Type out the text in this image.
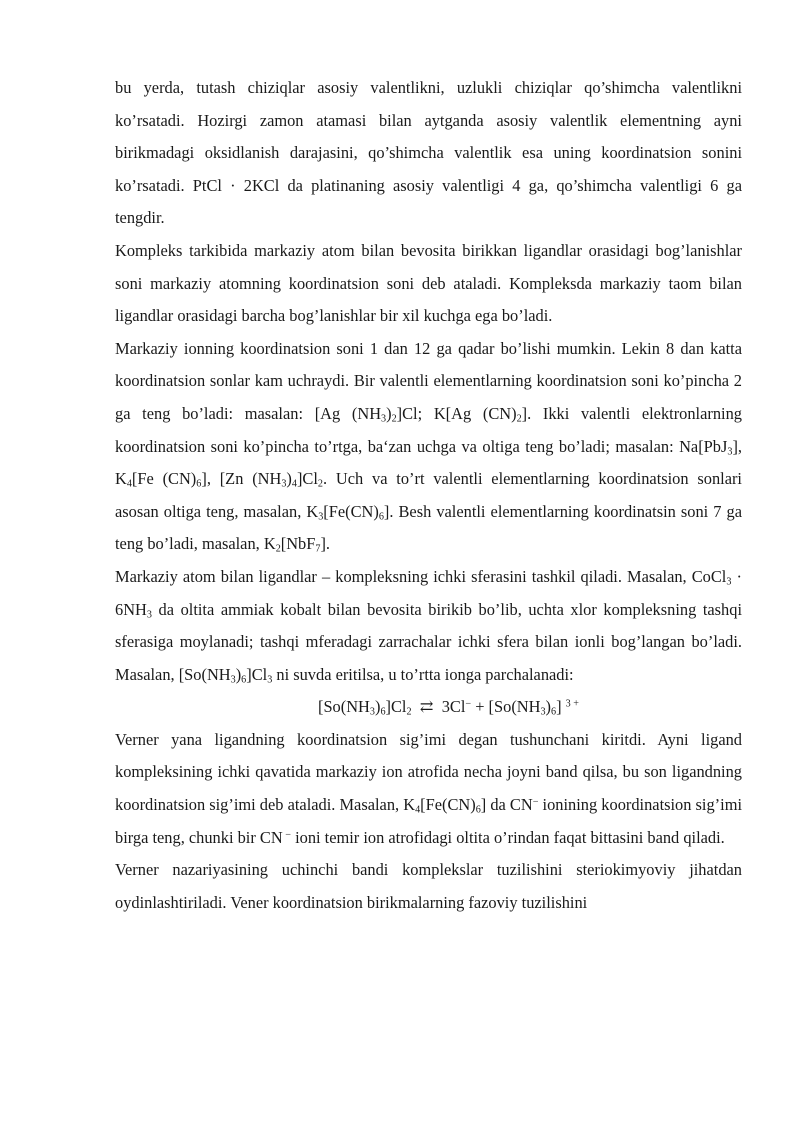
bu yerda, tutash chiziqlar asosiy valentlikni, uzlukli chiziqlar qo’shimcha valentlikni ko’rsatadi. Hozirgi zamon atamasi bilan aytganda asosiy valentlik elementning ayni birikmadagi oksidlanish darajasini, qo’shimcha valentlik esa uning koordinatsion sonini ko’rsatadi. PtCl · 2KCl da platinaning asosiy valentligi 4 ga, qo’shimcha valentligi 6 ga tengdir.

Kompleks tarkibida markaziy atom bilan bevosita birikkan ligandlar orasidagi bog’lanishlar soni markaziy atomning koordinatsion soni deb ataladi. Kompleksda markaziy taom bilan ligandlar orasidagi barcha bog’lanishlar bir xil kuchga ega bo’ladi.

Markaziy ionning koordinatsion soni 1 dan 12 ga qadar bo’lishi mumkin. Lekin 8 dan katta koordinatsion sonlar kam uchraydi. Bir valentli elementlarning koordinatsion soni ko’pincha 2 ga teng bo’ladi: masalan: [Ag $(NH_3)_2]Cl$; K[Ag $(CN)_2$]. Ikki valentli elektronlarning koordinatsion soni ko’pincha to’rtga, ba‘zan uchga va oltiga teng bo’ladi; masalan: Na[PbJ$_3$], $K_4[Fe$ $(CN)_6$], [Zn $(NH_3)_4]Cl_2$. Uch va to’rt valentli elementlarning koordinatsion sonlari asosan oltiga teng, masalan, $K_3[Fe(CN)_6]$. Besh valentli elementlarning koordinatsin soni 7 ga teng bo’ladi, masalan, $K_2[NbF_7]$.

Markaziy atom bilan ligandlar – kompleksning ichki sferasini tashkil qiladi. Masalan, CoCl$_3$ · $6NH_3$ da oltita ammiak kobalt bilan bevosita birikib bo’lib, uchta xlor kompleksning tashqi sferasiga moylanadi; tashqi mferadagi zarrachalar ichki sfera bilan ionli bog’langan bo’ladi. Masalan, $[So(NH_3)_6]Cl_3$ ni suvda eritilsa, u to’rtta ionga parchalanadi:

$[So(NH_3)_6]Cl_2$ ⇄ $3Cl^- + [So(NH_3)_6]$ $^{3 +}$

Verner yana ligandning koordinatsion sig’imi degan tushunchani kiritdi. Ayni ligand kompleksining ichki qavatida markaziy ion atrofida necha joyni band qilsa, bu son ligandning koordinatsion sig’imi deb ataladi. Masalan, $K_4[Fe(CN)_6]$ da CN− ionining koordinatsion sig’imi birga teng, chunki bir CN − ioni temir ion atrofidagi oltita o’rindan faqat bittasini band qiladi.

Verner nazariyasining uchinchi bandi komplekslar tuzilishini steriokimyoviy jihatdan oydinlashtiriladi. Vener koordinatsion birikmalarning fazoviy tuzilishini
